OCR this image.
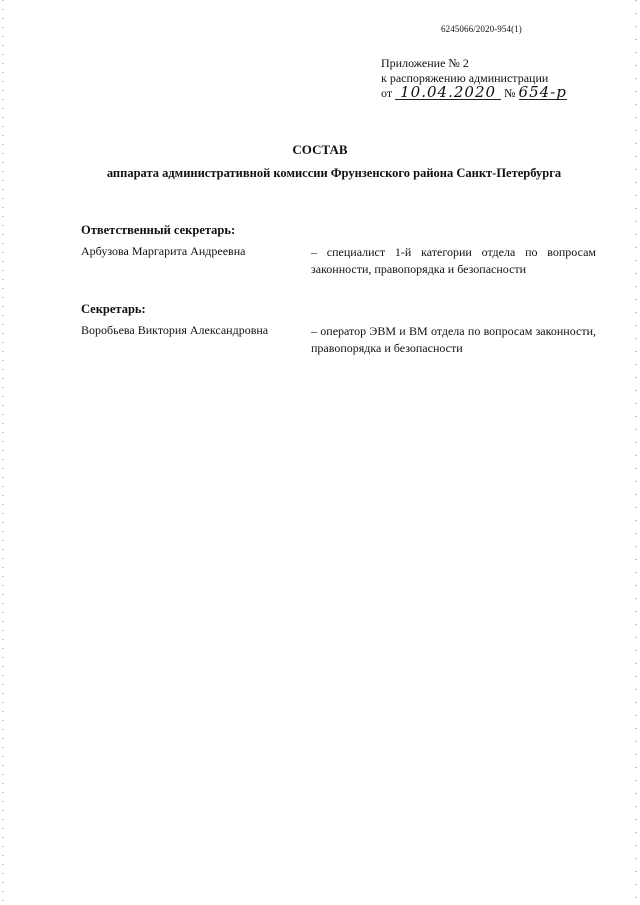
6245066/2020-954(1)
Приложение № 2
к распоряжению администрации
от 10.04.2020 № 654-р
СОСТАВ
аппарата административной комиссии Фрунзенского района Санкт-Петербурга
Ответственный секретарь:
Арбузова Маргарита Андреевна	– специалист 1-й категории отдела по вопросам законности, правопорядка и безопасности
Секретарь:
Воробьева Виктория Александровна	– оператор ЭВМ и ВМ отдела по вопросам законности, правопорядка и безопасности
